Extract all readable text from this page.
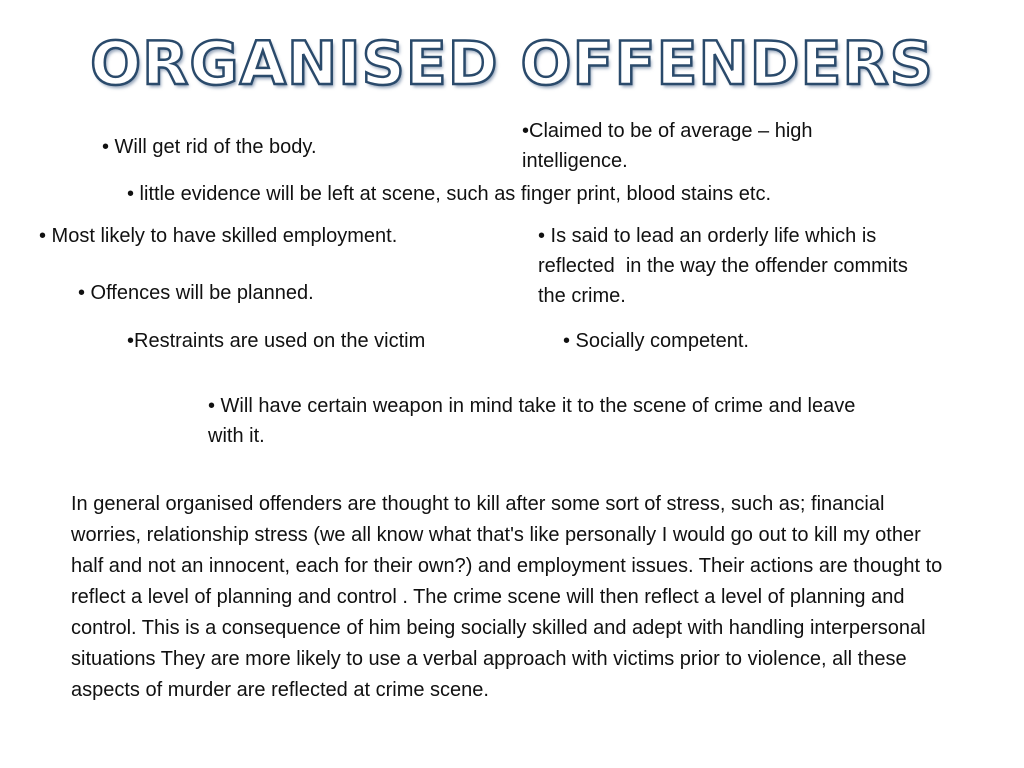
ORGANISED OFFENDERS
• Will get rid of the body.
•Claimed to be of average – high intelligence.
• little evidence will be left at scene, such as finger print, blood stains etc.
• Most likely to have skilled employment.	• Is said to lead an orderly life which is reflected  in the way the offender commits the crime.
• Offences will be planned.
•Restraints are used on the victim	• Socially competent.
• Will have certain weapon in mind take it to the scene of crime and leave with it.
In general organised offenders are thought to kill after some sort of stress, such as; financial worries, relationship stress (we all know what that's like personally I would go out to kill my other half and not an innocent, each for their own?) and employment issues. Their actions are thought to reflect a level of planning and control . The crime scene will then reflect a level of planning and control. This is a consequence of him being socially skilled and adept with handling interpersonal situations They are more likely to use a verbal approach with victims prior to violence, all these aspects of murder are reflected at crime scene.
